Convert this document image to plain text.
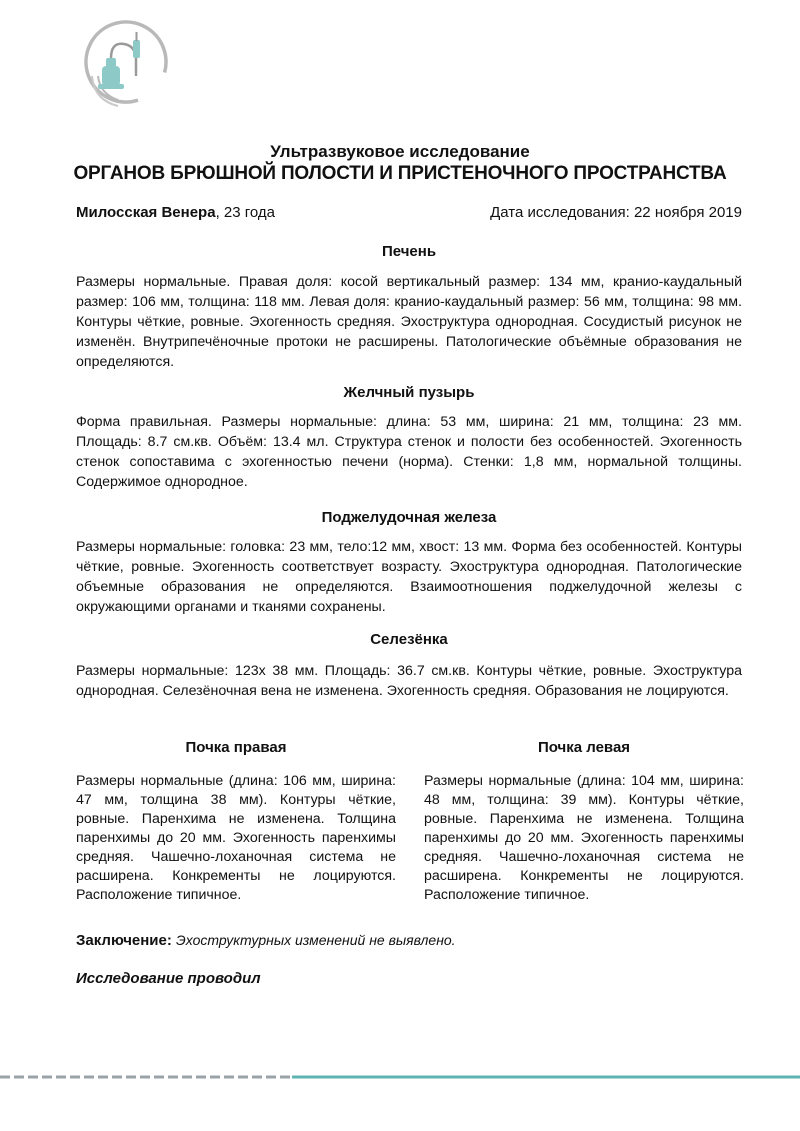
Ультразвуковое исследование
ОРГАНОВ БРЮШНОЙ ПОЛОСТИ И ПРИСТЕНОЧНОГО ПРОСТРАНСТВА
Милосская Венера, 23 года	Дата исследования: 22 ноября 2019
Печень

Размеры нормальные. Правая доля: косой вертикальный размер: 134 мм, кранио-каудальный размер: 106 мм, толщина: 118 мм. Левая доля: кранио-каудальный размер: 56 мм, толщина: 98 мм. Контуры чёткие, ровные. Эхогенность средняя. Эхоструктура однородная. Сосудистый рисунок не изменён. Внутрипечёночные протоки не расширены. Патологические объёмные образования не определяются.

Желчный пузырь

Форма правильная. Размеры нормальные: длина: 53 мм, ширина: 21 мм, толщина: 23 мм. Площадь: 8.7 см.кв. Объём: 13.4 мл. Структура стенок и полости без особенностей. Эхогенность стенок сопоставима с эхогенностью печени (норма). Стенки: 1,8 мм, нормальной толщины. Содержимое однородное.

Поджелудочная железа

Размеры нормальные: головка: 23 мм, тело:12 мм, хвост: 13 мм. Форма без особенностей. Контуры чёткие, ровные. Эхогенность соответствует возрасту. Эхоструктура однородная. Патологические объемные образования не определяются. Взаимоотношения поджелудочной железы с окружающими органами и тканями сохранены.

Селезёнка

Размеры нормальные: 123х 38 мм. Площадь: 36.7 см.кв. Контуры чёткие, ровные. Эхоструктура однородная. Селезёночная вена не изменена. Эхогенность средняя. Образования не лоцируются.

Почка правая

Размеры нормальные (длина: 106 мм, ширина: 47 мм, толщина 38 мм). Контуры чёткие, ровные. Паренхима не изменена. Толщина паренхимы до 20 мм. Эхогенность паренхимы средняя. Чашечно-лоханочная система не расширена. Конкременты не лоцируются. Расположение типичное.

Почка левая

Размеры нормальные (длина: 104 мм, ширина: 48 мм, толщина: 39 мм). Контуры чёткие, ровные. Паренхима не изменена. Толщина паренхимы до 20 мм. Эхогенность паренхимы средняя. Чашечно-лоханочная система не расширена. Конкременты не лоцируются. Расположение типичное.

Заключение: Эхоструктурных изменений не выявлено.
Исследование проводил
